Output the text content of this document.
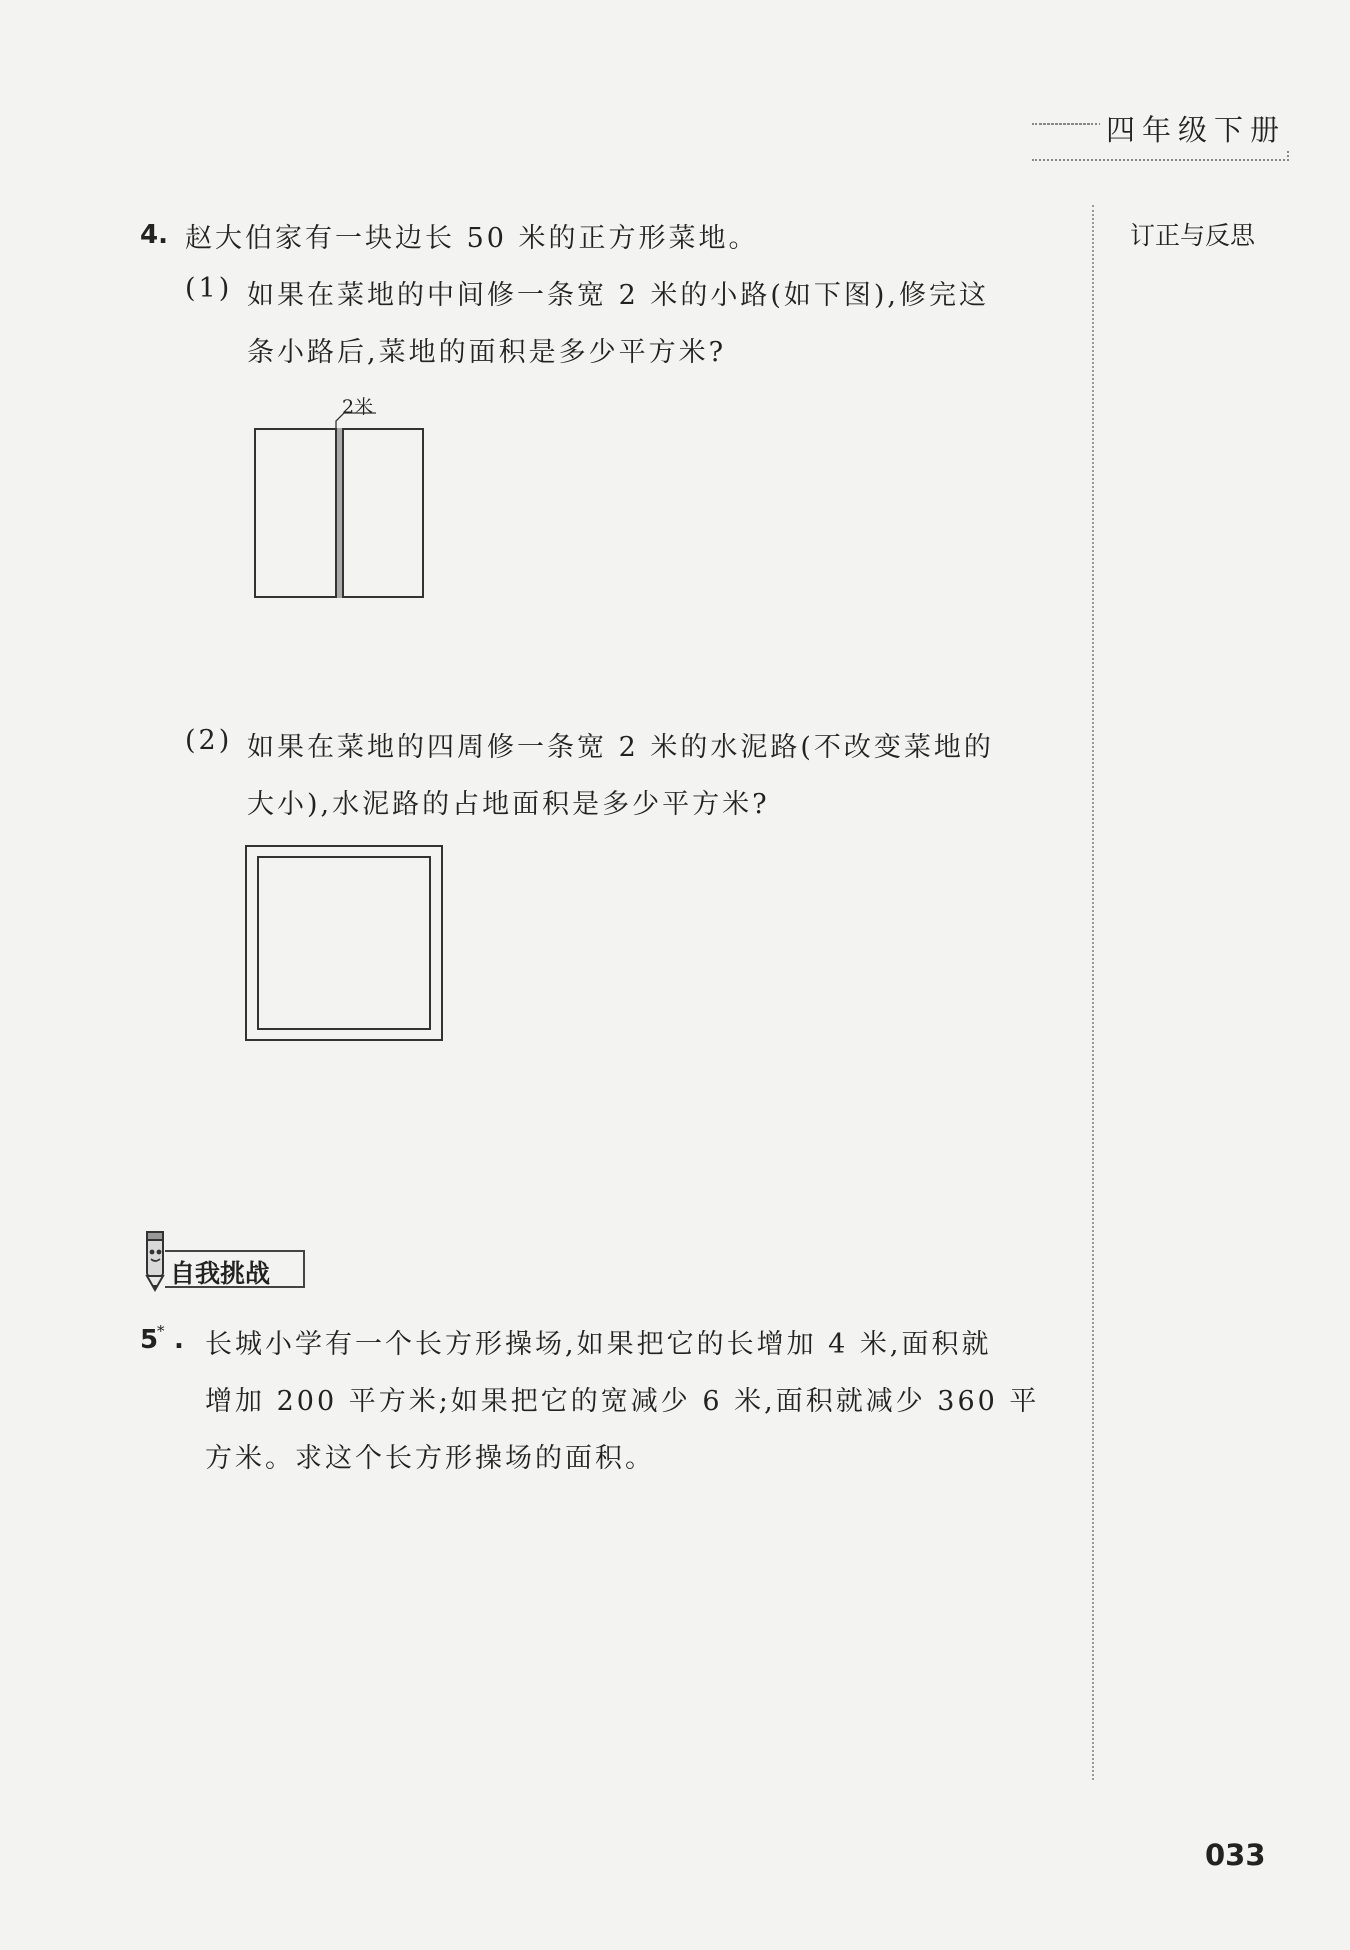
四年级下册
订正与反思
4. 赵大伯家有一块边长 50 米的正方形菜地。
(1) 如果在菜地的中间修一条宽 2 米的小路(如下图),修完这
条小路后,菜地的面积是多少平方米?
2米
(2) 如果在菜地的四周修一条宽 2 米的水泥路(不改变菜地的
大小),水泥路的占地面积是多少平方米?
自我挑战
5
* . 长城小学有一个长方形操场,如果把它的长增加 4 米,面积就
增加 200 平方米;如果把它的宽减少 6 米,面积就减少 360 平
方米。求这个长方形操场的面积。
033
